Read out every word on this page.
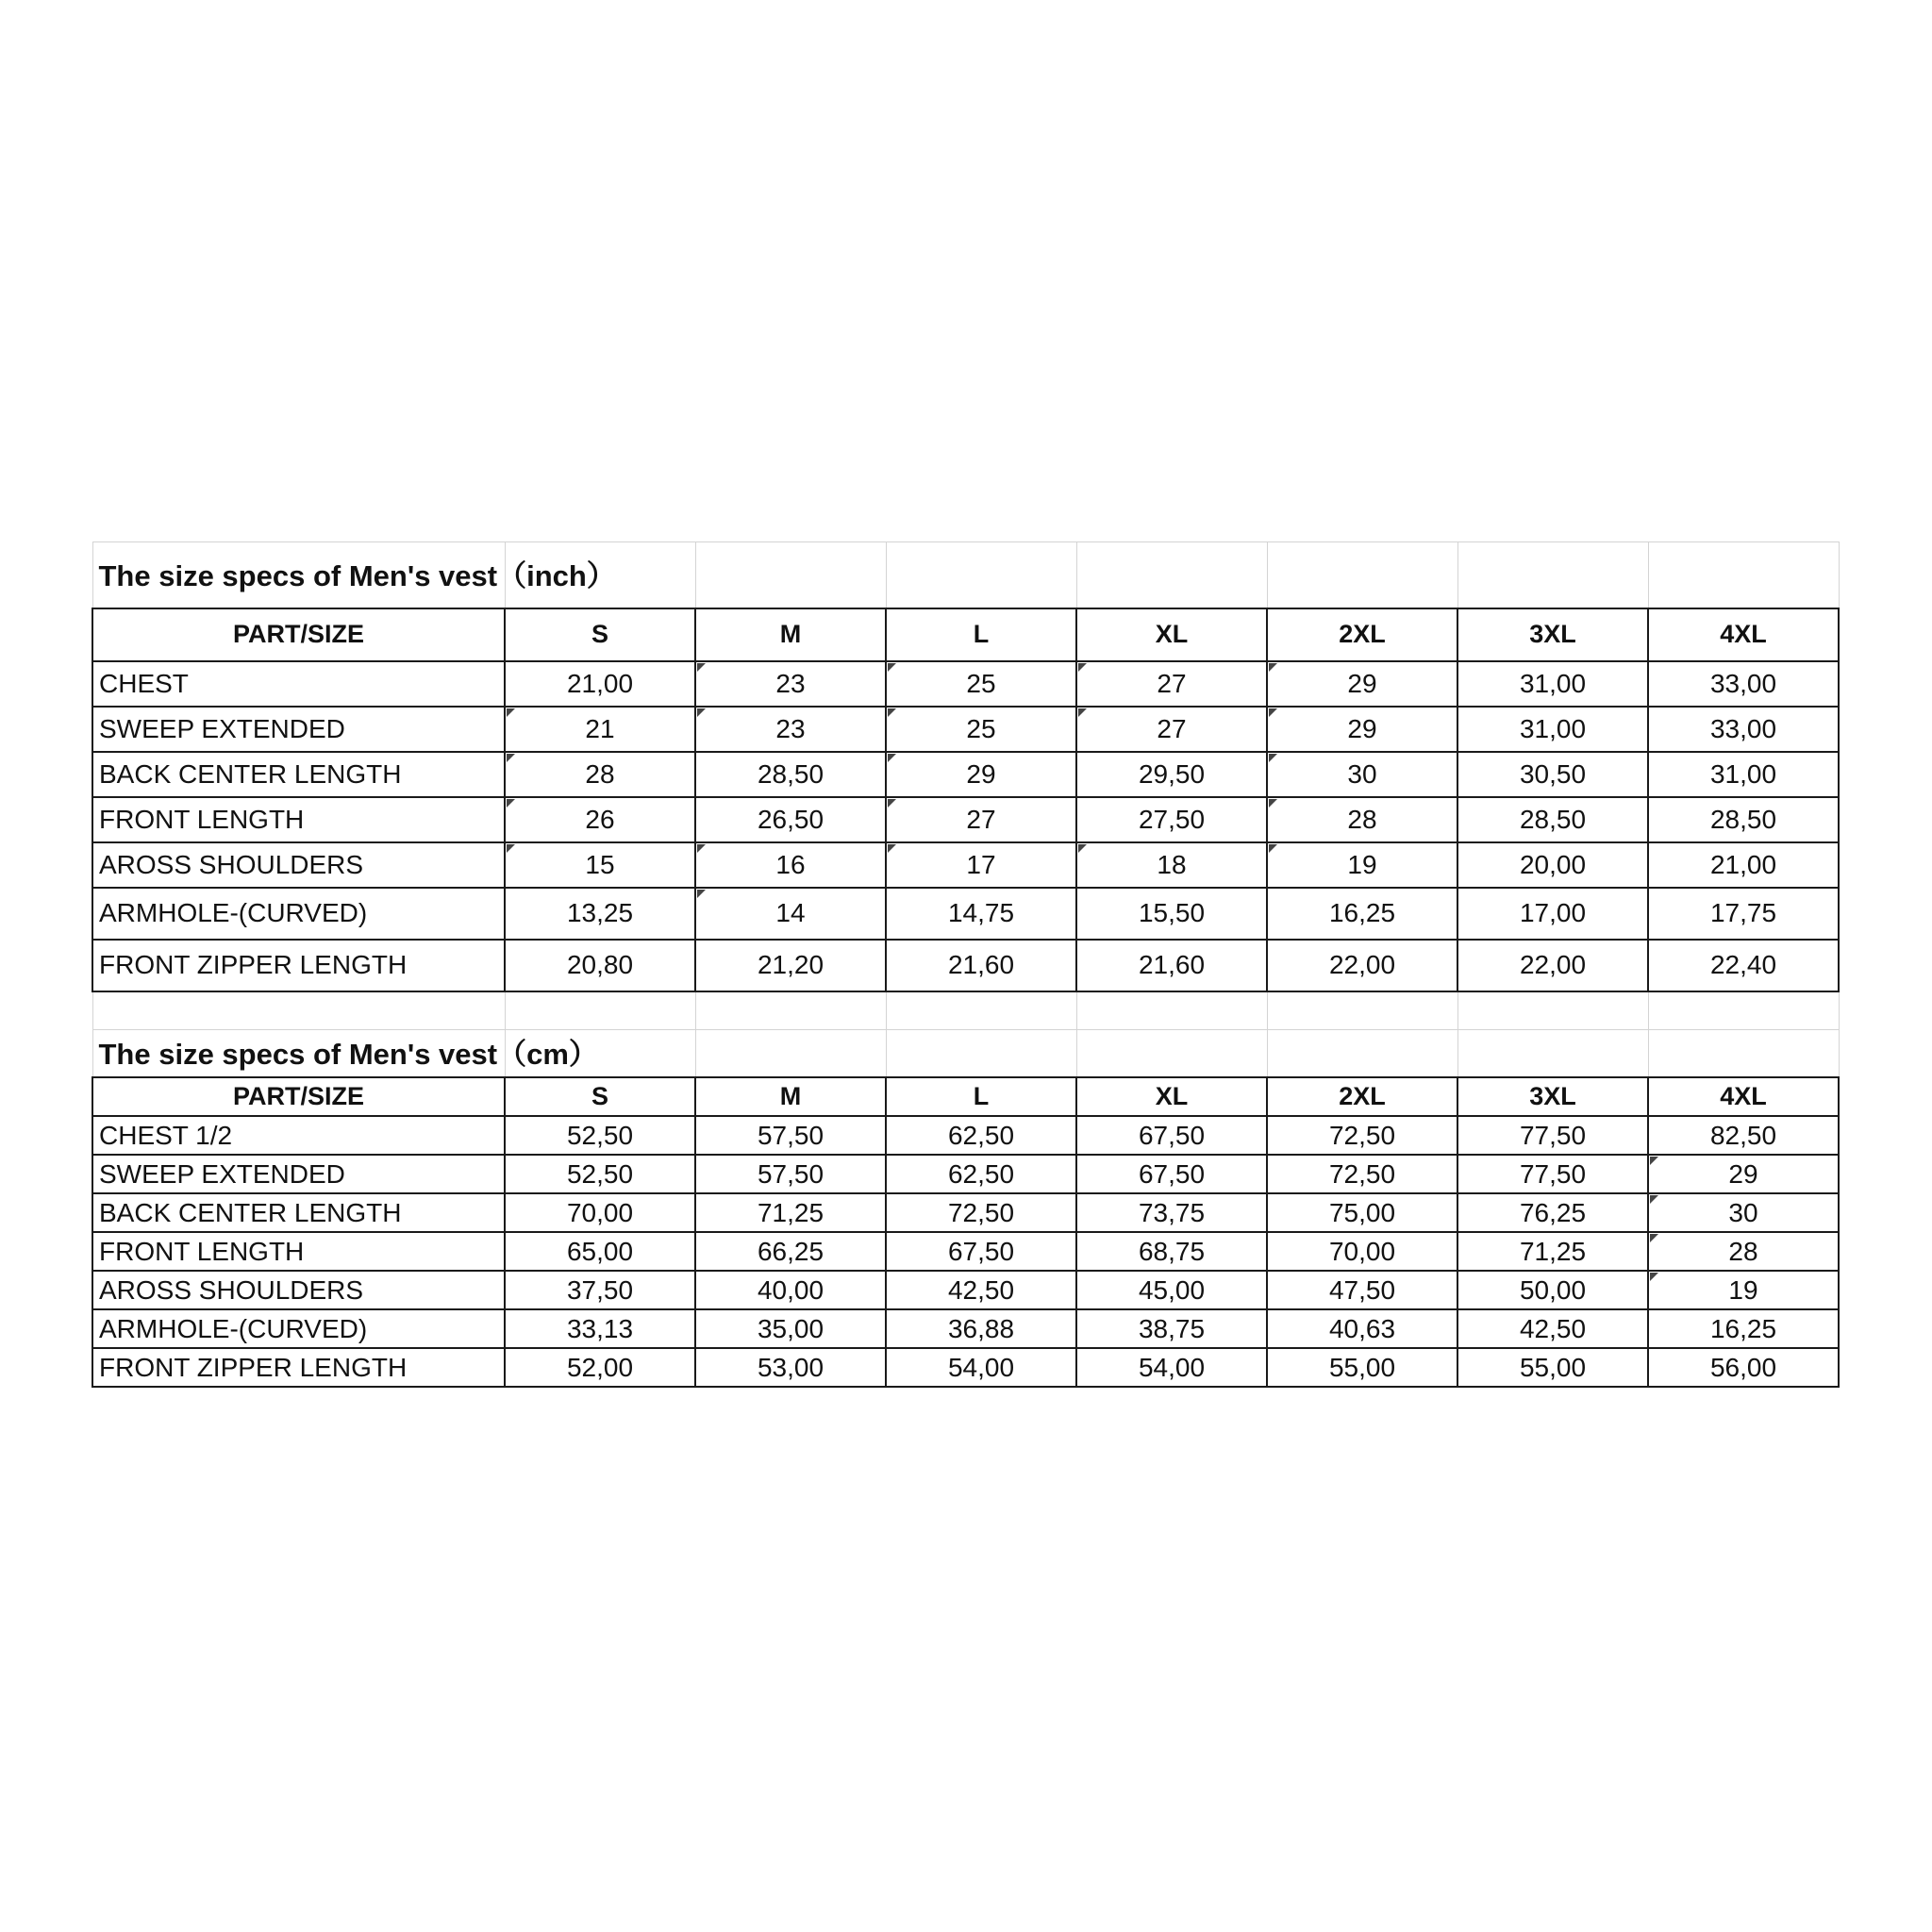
The size specs of Men's vest（inch）							
PART/SIZE	S	M	L	XL	2XL	3XL	4XL
CHEST	21,00	23	25	27	29	31,00	33,00
SWEEP EXTENDED	21	23	25	27	29	31,00	33,00
BACK CENTER LENGTH	28	28,50	29	29,50	30	30,50	31,00
FRONT LENGTH	26	26,50	27	27,50	28	28,50	28,50
AROSS SHOULDERS	15	16	17	18	19	20,00	21,00
ARMHOLE-(CURVED)	13,25	14	14,75	15,50	16,25	17,00	17,75
FRONT ZIPPER LENGTH	20,80	21,20	21,60	21,60	22,00	22,00	22,40

The size specs of Men's vest（cm）							
PART/SIZE	S	M	L	XL	2XL	3XL	4XL
CHEST 1/2	52,50	57,50	62,50	67,50	72,50	77,50	82,50
SWEEP EXTENDED	52,50	57,50	62,50	67,50	72,50	77,50	29
BACK CENTER LENGTH	70,00	71,25	72,50	73,75	75,00	76,25	30
FRONT LENGTH	65,00	66,25	67,50	68,75	70,00	71,25	28
AROSS SHOULDERS	37,50	40,00	42,50	45,00	47,50	50,00	19
ARMHOLE-(CURVED)	33,13	35,00	36,88	38,75	40,63	42,50	16,25
FRONT ZIPPER LENGTH	52,00	53,00	54,00	54,00	55,00	55,00	56,00
